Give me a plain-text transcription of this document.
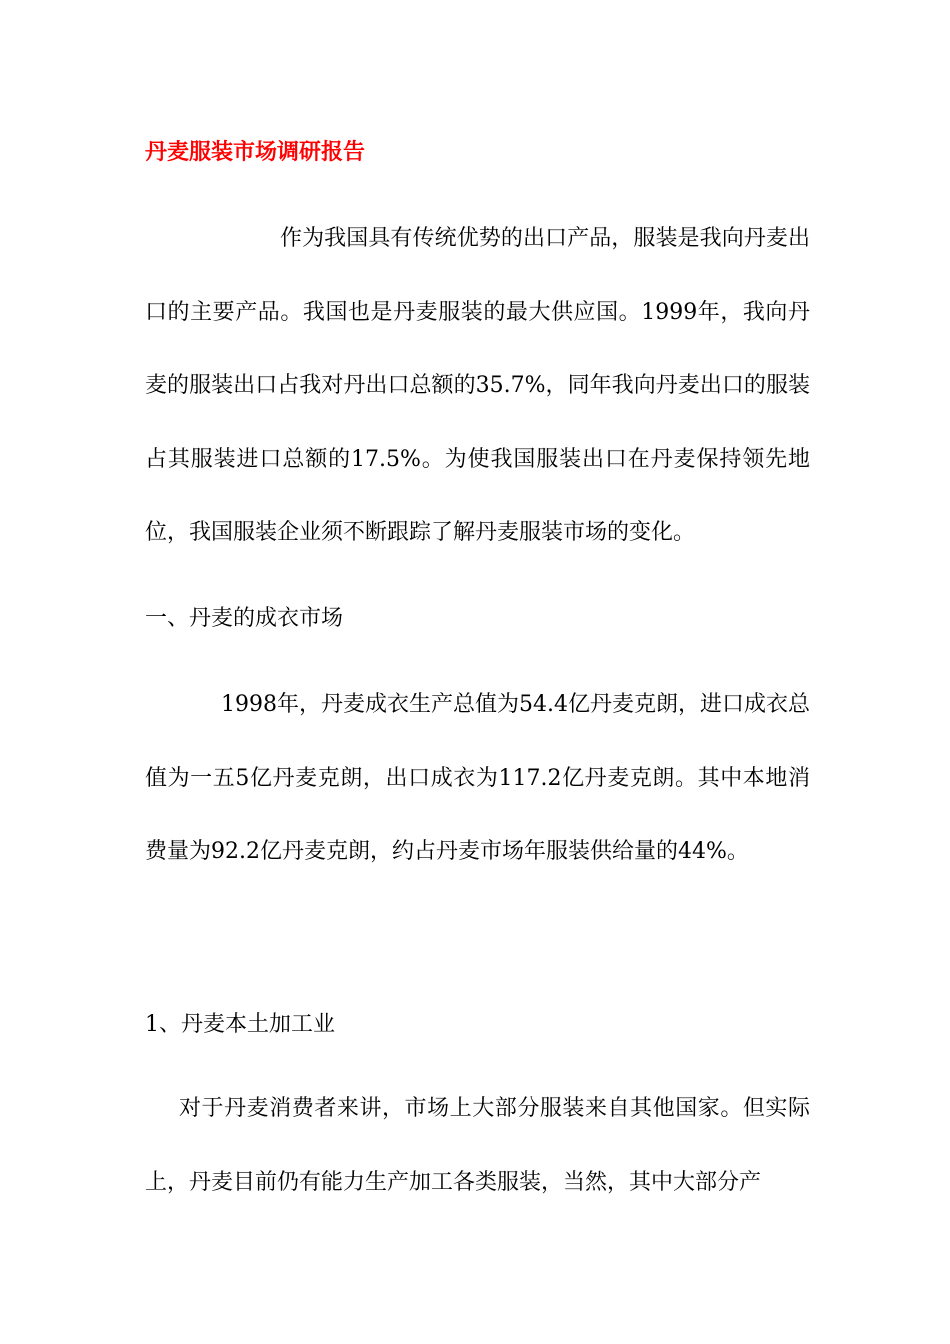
丹麦服装市场调研报告

作为我国具有传统优势的出口产品，服装是我向丹麦出口的主要产品。我国也是丹麦服装的最大供应国。1999年，我向丹麦的服装出口占我对丹出口总额的35.7%，同年我向丹麦出口的服装占其服装进口总额的17.5%。为使我国服装出口在丹麦保持领先地位，我国服装企业须不断跟踪了解丹麦服装市场的变化。

一、丹麦的成衣市场

1998年，丹麦成衣生产总值为54.4亿丹麦克朗，进口成衣总值为一五5亿丹麦克朗，出口成衣为117.2亿丹麦克朗。其中本地消费量为92.2亿丹麦克朗，约占丹麦市场年服装供给量的44%。

1、丹麦本土加工业

对于丹麦消费者来讲，市场上大部分服装来自其他国家。但实际上，丹麦目前仍有能力生产加工各类服装，当然，其中大部分产
